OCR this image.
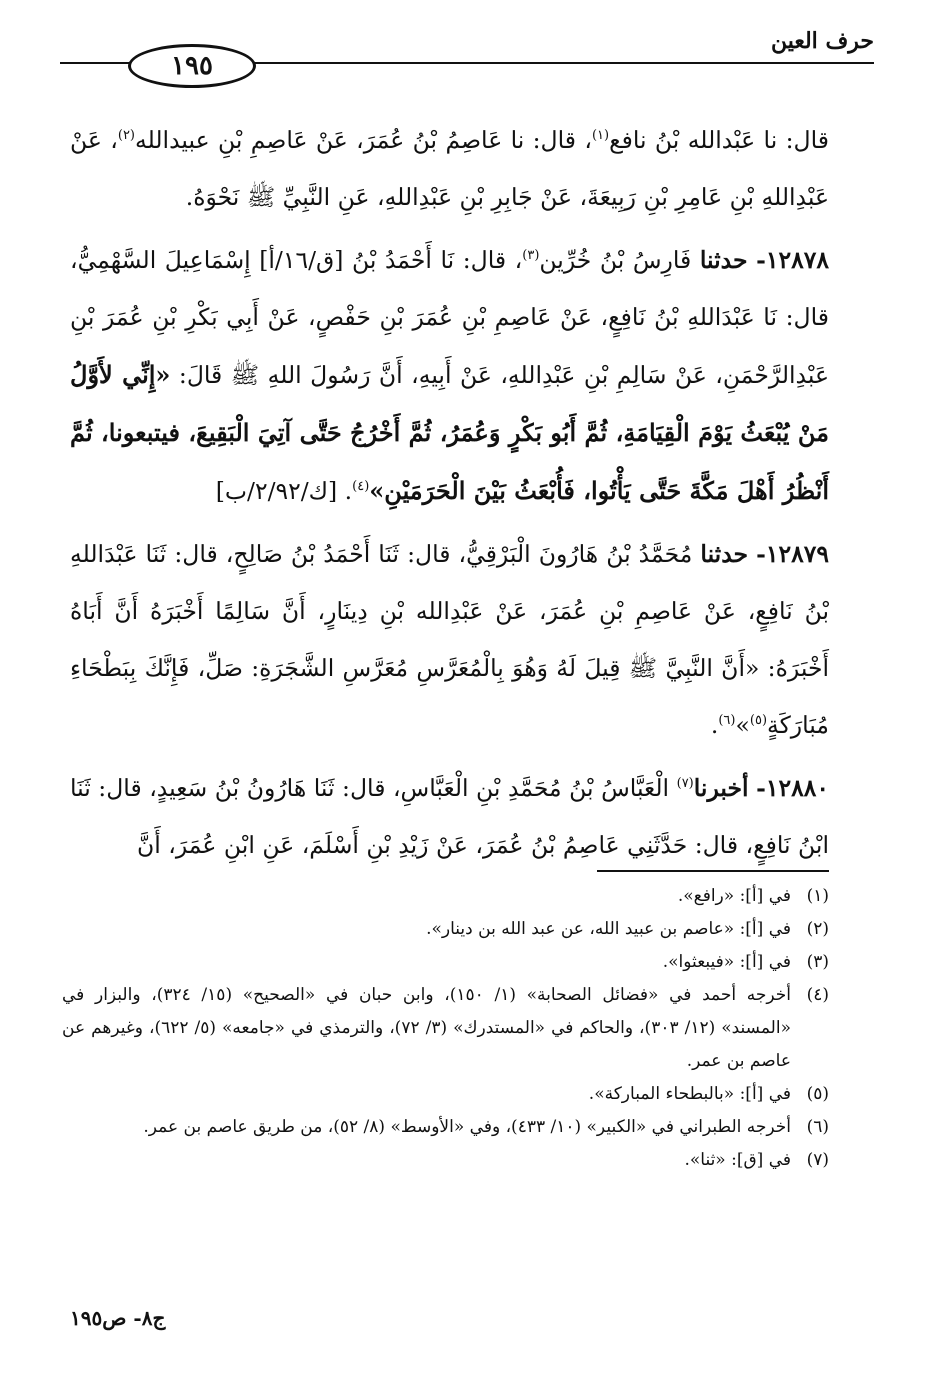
حرف العين
١٩٥

قال: نا عَبْدالله بْنُ نافع$^{(١)}$، قال: نا عَاصِمُ بْنُ عُمَرَ، عَنْ عَاصِمِ بْنِ عبيدالله$^{(٢)}$، عَنْ عَبْدِاللهِ بْنِ عَامِرِ بْنِ رَبِيعَةَ، عَنْ جَابِرِ بْنِ عَبْدِاللهِ، عَنِ النَّبِيِّ ﷺ نَحْوَهُ.

١٢٨٧٨- حدثنا فَارِسُ بْنُ خُرِّين$^{(٣)}$، قال: نَا أَحْمَدُ بْنُ [ق/١٦/أ] إِسْمَاعِيلَ السَّهْمِيُّ، قال: نَا عَبْدَاللهِ بْنُ نَافِعٍ، عَنْ عَاصِمِ بْنِ عُمَرَ بْنِ حَفْصٍ، عَنْ أَبِي بَكْرِ بْنِ عُمَرَ بْنِ عَبْدِالرَّحْمَنِ، عَنْ سَالِمِ بْنِ عَبْدِاللهِ، عَنْ أَبِيهِ، أَنَّ رَسُولَ اللهِ ﷺ قَالَ: «إِنِّي لأَوَّلُ مَنْ يُبْعَثُ يَوْمَ الْقِيَامَةِ، ثُمَّ أَبُو بَكْرٍ وَعُمَرُ، ثُمَّ أَخْرُجُ حَتَّى آتِيَ الْبَقِيعَ، فيتبعونا، ثُمَّ أَنْظُرُ أَهْلَ مَكَّةَ حَتَّى يَأْتُوا، فَأُبْعَثُ بَيْنَ الْحَرَمَيْنِ»$^{(٤)}$. [ك/٢/٩٢/ب]

١٢٨٧٩- حدثنا مُحَمَّدُ بْنُ هَارُونَ الْبَرْقِيُّ، قال: ثَنَا أَحْمَدُ بْنُ صَالِحٍ، قال: ثَنَا عَبْدَاللهِ بْنُ نَافِعٍ، عَنْ عَاصِمِ بْنِ عُمَرَ، عَنْ عَبْدِالله بْنِ دِينَارٍ، أَنَّ سَالِمًا أَخْبَرَهُ أَنَّ أَبَاهُ أَخْبَرَهُ: «أَنَّ النَّبِيَّ ﷺ قِيلَ لَهُ وَهُوَ بِالْمُعَرَّسِ مُعَرَّسِ الشَّجَرَةِ: صَلِّ، فَإِنَّكَ بِبَطْحَاءِ مُبَارَكَةٍ$^{(٥)}$»$^{(٦)}$.

١٢٨٨٠- أخبرنا$^{(٧)}$ الْعَبَّاسُ بْنُ مُحَمَّدِ بْنِ الْعَبَّاسِ، قال: ثَنَا هَارُونُ بْنُ سَعِيدٍ، قال: ثَنَا ابْنُ نَافِعٍ، قال: حَدَّثَنِي عَاصِمُ بْنُ عُمَرَ، عَنْ زَيْدِ بْنِ أَسْلَمَ، عَنِ ابْنِ عُمَرَ، أَنَّ

(١)
في [أ]: «رافع».

(٢)
في [أ]: «عاصم بن عبيد الله، عن عبد الله بن دينار».

(٣)
في [أ]: «فيبعثوا».

(٤)
أخرجه أحمد في «فضائل الصحابة» (١/ ١٥٠)، وابن حبان في «الصحيح» (١٥/ ٣٢٤)، والبزار في «المسند» (١٢/ ٣٠٣)، والحاكم في «المستدرك» (٣/ ٧٢)، والترمذي في «جامعه» (٥/ ٦٢٢)، وغيرهم عن عاصم بن عمر.

(٥)
في [أ]: «بالبطحاء المباركة».

(٦)
أخرجه الطبراني في «الكبير» (١٠/ ٤٣٣)، وفي «الأوسط» (٨/ ٥٢)، من طريق عاصم بن عمر.

(٧)
في [ق]: «ثنا».

ج٨- ص١٩٥
